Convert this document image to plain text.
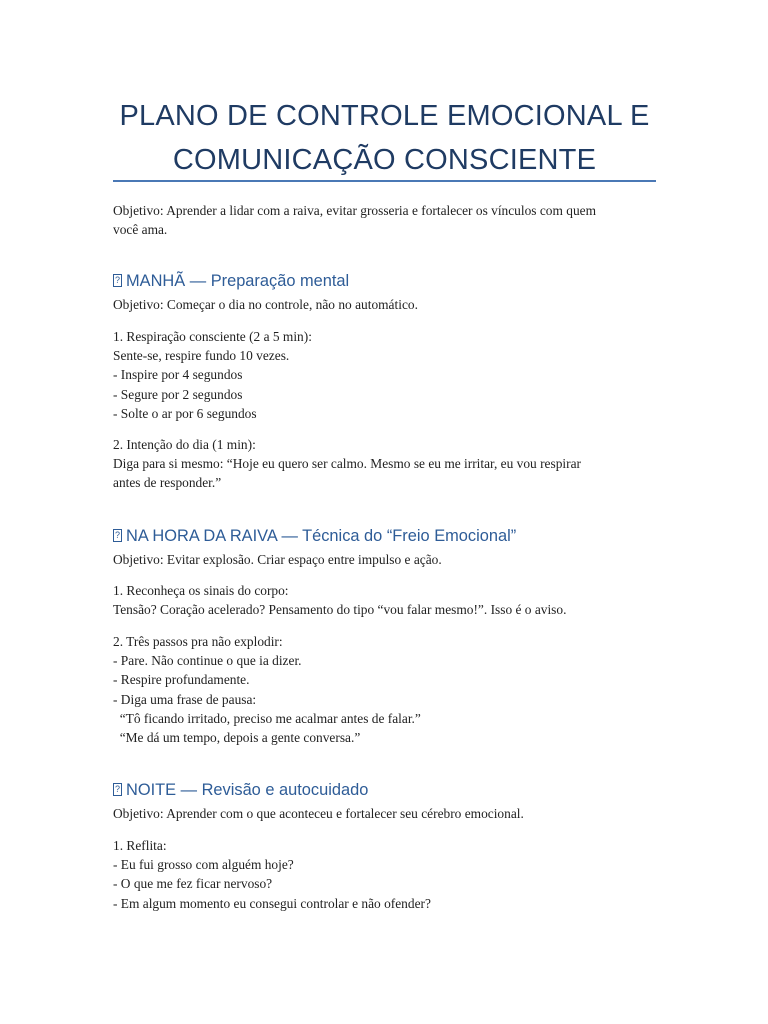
PLANO DE CONTROLE EMOCIONAL E
COMUNICAÇÃO CONSCIENTE
Objetivo: Aprender a lidar com a raiva, evitar grosseria e fortalecer os vínculos com quem
você ama.
?MANHÃ — Preparação mental
Objetivo: Começar o dia no controle, não no automático.
1. Respiração consciente (2 a 5 min):
Sente-se, respire fundo 10 vezes.
- Inspire por 4 segundos
- Segure por 2 segundos
- Solte o ar por 6 segundos
2. Intenção do dia (1 min):
Diga para si mesmo: “Hoje eu quero ser calmo. Mesmo se eu me irritar, eu vou respirar
antes de responder.”
?NA HORA DA RAIVA — Técnica do “Freio Emocional”
Objetivo: Evitar explosão. Criar espaço entre impulso e ação.
1. Reconheça os sinais do corpo:
Tensão? Coração acelerado? Pensamento do tipo “vou falar mesmo!”. Isso é o aviso.
2. Três passos pra não explodir:
- Pare. Não continue o que ia dizer.
- Respire profundamente.
- Diga uma frase de pausa:
“Tô ficando irritado, preciso me acalmar antes de falar.”
“Me dá um tempo, depois a gente conversa.”
?NOITE — Revisão e autocuidado
Objetivo: Aprender com o que aconteceu e fortalecer seu cérebro emocional.
1. Reflita:
- Eu fui grosso com alguém hoje?
- O que me fez ficar nervoso?
- Em algum momento eu consegui controlar e não ofender?
